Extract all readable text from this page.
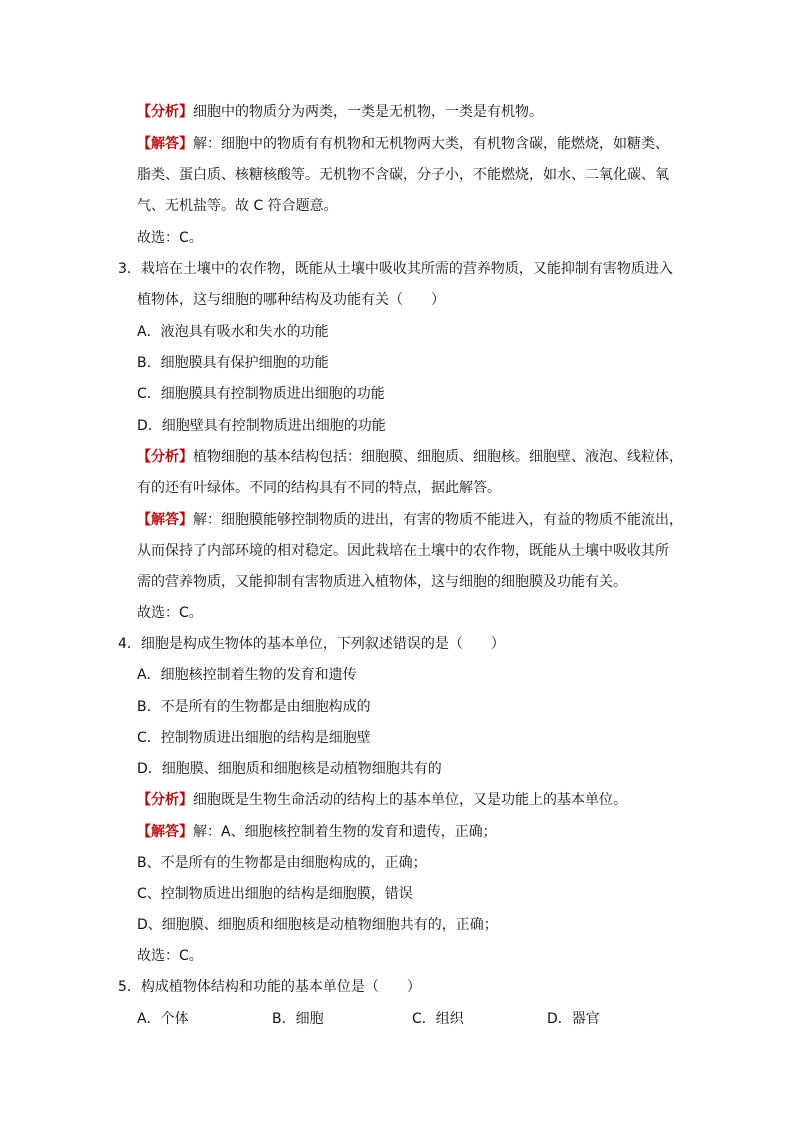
【分析】细胞中的物质分为两类，一类是无机物，一类是有机物。
【解答】解：细胞中的物质有有机物和无机物两大类，有机物含碳，能燃烧，如糖类、
脂类、蛋白质、核糖核酸等。无机物不含碳，分子小，不能燃烧，如水、二氧化碳、氧
气、无机盐等。故 C 符合题意。
故选：C。
3．栽培在土壤中的农作物，既能从土壤中吸收其所需的营养物质，又能抑制有害物质进入
植物体，这与细胞的哪种结构及功能有关（　　）
A．液泡具有吸水和失水的功能
B．细胞膜具有保护细胞的功能
C．细胞膜具有控制物质进出细胞的功能
D．细胞壁具有控制物质进出细胞的功能
【分析】植物细胞的基本结构包括：细胞膜、细胞质、细胞核。细胞壁、液泡、线粒体，
有的还有叶绿体。不同的结构具有不同的特点，据此解答。
【解答】解：细胞膜能够控制物质的进出，有害的物质不能进入，有益的物质不能流出，
从而保持了内部环境的相对稳定。因此栽培在土壤中的农作物，既能从土壤中吸收其所
需的营养物质，又能抑制有害物质进入植物体，这与细胞的细胞膜及功能有关。
故选：C。
4．细胞是构成生物体的基本单位，下列叙述错误的是（　　）
A．细胞核控制着生物的发育和遗传
B．不是所有的生物都是由细胞构成的
C．控制物质进出细胞的结构是细胞壁
D．细胞膜、细胞质和细胞核是动植物细胞共有的
【分析】细胞既是生物生命活动的结构上的基本单位，又是功能上的基本单位。
【解答】解：A、细胞核控制着生物的发育和遗传，正确；
B、不是所有的生物都是由细胞构成的，正确；
C、控制物质进出细胞的结构是细胞膜，错误
D、细胞膜、细胞质和细胞核是动植物细胞共有的，正确；
故选：C。
5．构成植物体结构和功能的基本单位是（　　）
A．个体	B．细胞	C．组织	D．器官
